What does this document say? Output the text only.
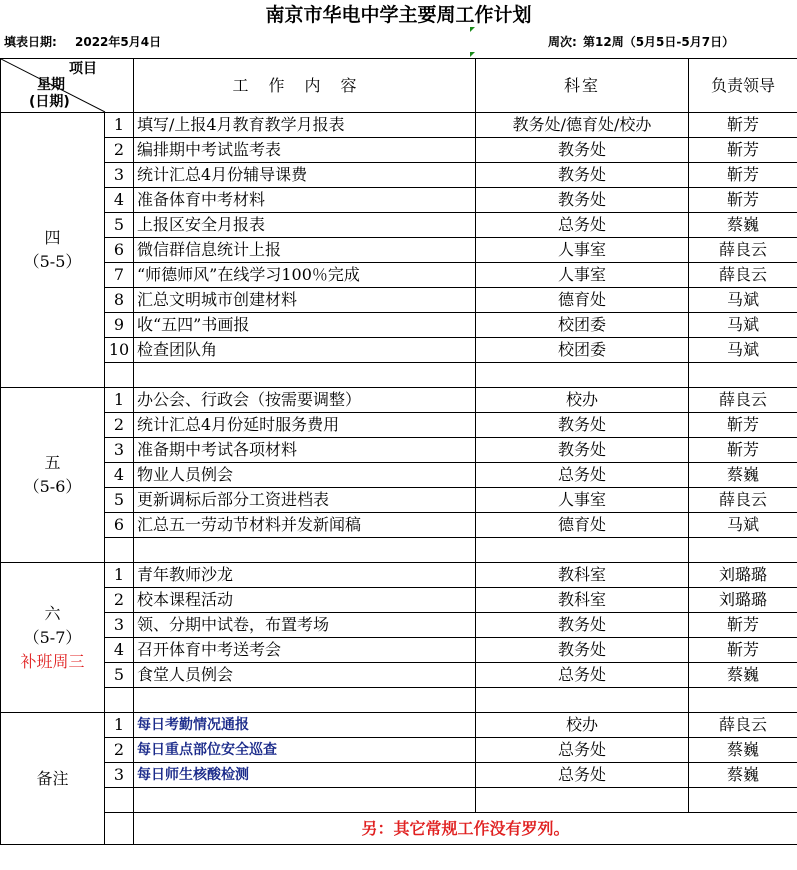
南京市华电中学主要周工作计划
填表日期: 2022年5月4日	周次: 第12周（5月5日-5月7日）
项目
星期
(日期)		工作内容	科室	负责领导

四
（5-5）	1	填写/上报4月教育教学月报表	教务处/德育处/校办	靳芳
	2	编排期中考试监考表	教务处	靳芳
	3	统计汇总4月份辅导课费	教务处	靳芳
	4	准备体育中考材料	教务处	靳芳
	5	上报区安全月报表	总务处	蔡巍
	6	微信群信息统计上报	人事室	薛良云
	7	“师德师风”在线学习100％完成	人事室	薛良云
	8	汇总文明城市创建材料	德育处	马斌
	9	收“五四”书画报	校团委	马斌
	10	检查团队角	校团委	马斌

五
（5-6）	1	办公会、行政会（按需要调整）	校办	薛良云
	2	统计汇总4月份延时服务费用	教务处	靳芳
	3	准备期中考试各项材料	教务处	靳芳
	4	物业人员例会	总务处	蔡巍
	5	更新调标后部分工资进档表	人事室	薛良云
	6	汇总五一劳动节材料并发新闻稿	德育处	马斌

六
（5-7）
补班周三	1	青年教师沙龙	教科室	刘璐璐
	2	校本课程活动	教科室	刘璐璐
	3	领、分期中试卷，布置考场	教务处	靳芳
	4	召开体育中考送考会	教务处	靳芳
	5	食堂人员例会	总务处	蔡巍

备注	1	每日考勤情况通报	校办	薛良云
	2	每日重点部位安全巡查	总务处	蔡巍
	3	每日师生核酸检测	总务处	蔡巍

		另：其它常规工作没有罗列。		
